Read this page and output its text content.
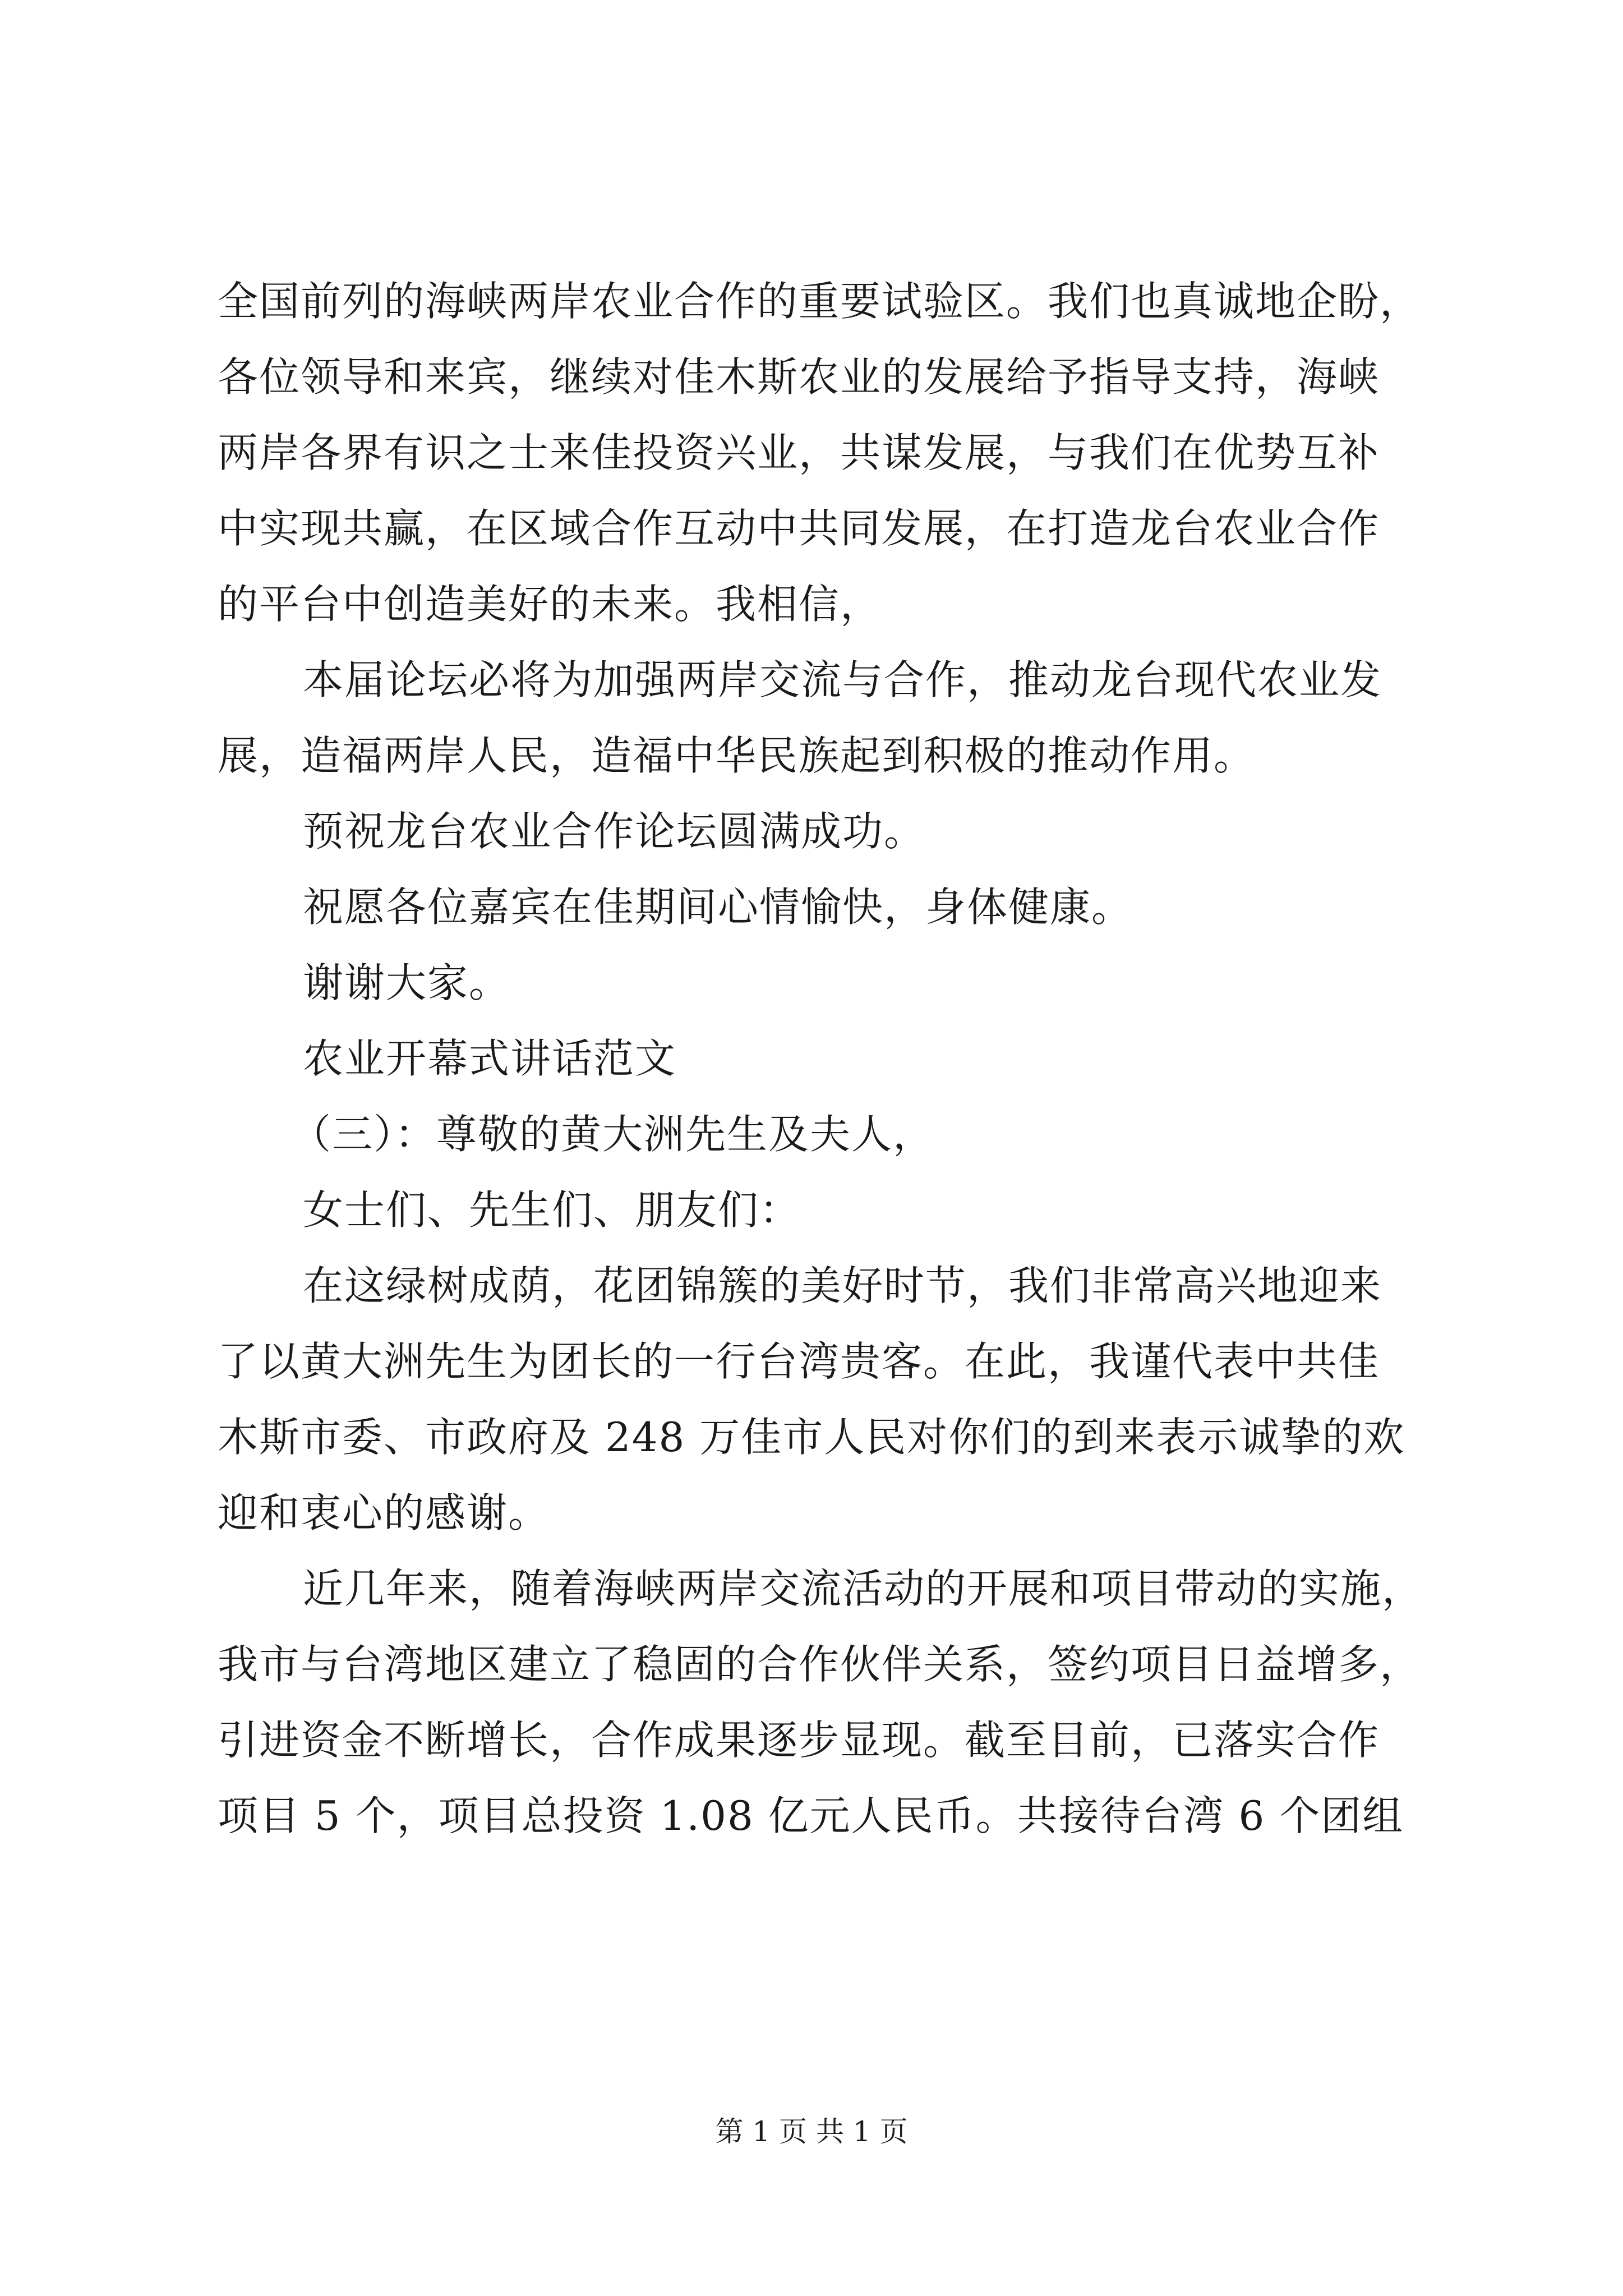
全国前列的海峡两岸农业合作的重要试验区。我们也真诚地企盼，
各位领导和来宾，继续对佳木斯农业的发展给予指导支持，海峡
两岸各界有识之士来佳投资兴业，共谋发展，与我们在优势互补
中实现共赢，在区域合作互动中共同发展，在打造龙台农业合作
的平台中创造美好的未来。我相信，
本届论坛必将为加强两岸交流与合作，推动龙台现代农业发
展，造福两岸人民，造福中华民族起到积极的推动作用。
预祝龙台农业合作论坛圆满成功。
祝愿各位嘉宾在佳期间心情愉快，身体健康。
谢谢大家。
农业开幕式讲话范文
（三）：尊敬的黄大洲先生及夫人，
女士们、先生们、朋友们：
在这绿树成荫，花团锦簇的美好时节，我们非常高兴地迎来
了以黄大洲先生为团长的一行台湾贵客。在此，我谨代表中共佳
木斯市委、市政府及 248 万佳市人民对你们的到来表示诚挚的欢
迎和衷心的感谢。
近几年来，随着海峡两岸交流活动的开展和项目带动的实施，
我市与台湾地区建立了稳固的合作伙伴关系，签约项目日益增多，
引进资金不断增长，合作成果逐步显现。截至目前，已落实合作
项目 5 个，项目总投资 1.08 亿元人民币。共接待台湾 6 个团组
第 1 页 共 1 页
